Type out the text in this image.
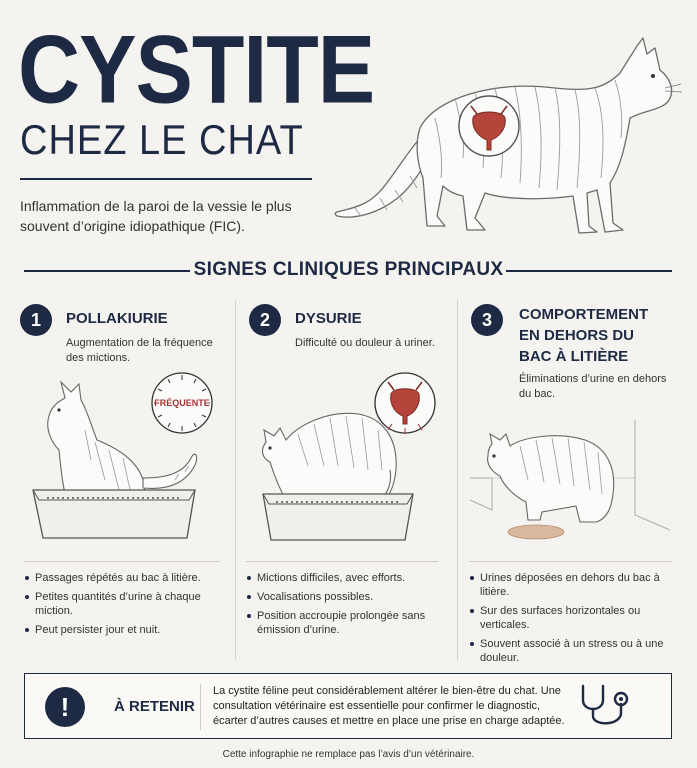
CYSTITE
CHEZ LE CHAT
Inflammation de la paroi de la vessie le plus souvent d’origine idiopathique (FIC).
SIGNES CLINIQUES PRINCIPAUX
1	POLLAKIURIE
Augmentation de la fréquence des mictions.
FRÉQUENTE
Passages répétés au bac à litière.
Petites quantités d’urine à chaque miction.
Peut persister jour et nuit.
2	DYSURIE
Difficulté ou douleur à uriner.
Mictions difficiles, avec efforts.
Vocalisations possibles.
Position accroupie prolongée sans émission d’urine.
3	COMPORTEMENT
EN DEHORS DU
BAC À LITIÈRE
Éliminations d’urine en dehors du bac.
Urines déposées en dehors du bac à litière.
Sur des surfaces horizontales ou verticales.
Souvent associé à un stress ou à une douleur.
!	À RETENIR
La cystite féline peut considérablement altérer le bien-être du chat. Une consultation vétérinaire est essentielle pour confirmer le diagnostic, écarter d’autres causes et mettre en place une prise en charge adaptée.
Cette infographie ne remplace pas l’avis d’un vétérinaire.
